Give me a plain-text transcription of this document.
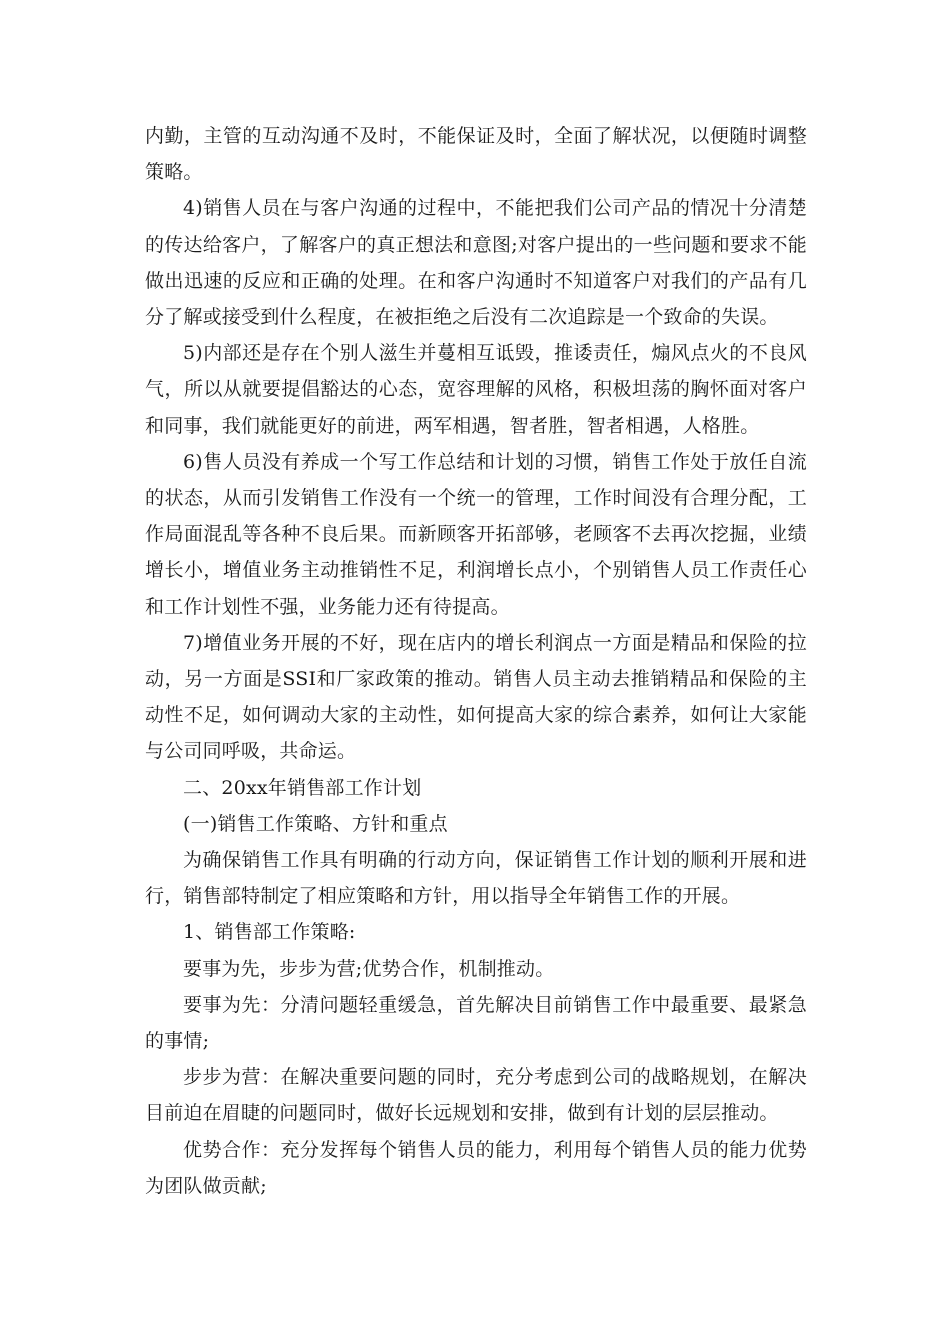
内勤，主管的互动沟通不及时，不能保证及时，全面了解状况，以便随时调整策略。

4)销售人员在与客户沟通的过程中，不能把我们公司产品的情况十分清楚的传达给客户，了解客户的真正想法和意图;对客户提出的一些问题和要求不能做出迅速的反应和正确的处理。在和客户沟通时不知道客户对我们的产品有几分了解或接受到什么程度，在被拒绝之后没有二次追踪是一个致命的失误。

5)内部还是存在个别人滋生并蔓相互诋毁，推诿责任，煽风点火的不良风气，所以从就要提倡豁达的心态，宽容理解的风格，积极坦荡的胸怀面对客户和同事，我们就能更好的前进，两军相遇，智者胜，智者相遇，人格胜。

6)售人员没有养成一个写工作总结和计划的习惯，销售工作处于放任自流的状态，从而引发销售工作没有一个统一的管理，工作时间没有合理分配，工作局面混乱等各种不良后果。而新顾客开拓部够，老顾客不去再次挖掘，业绩增长小，增值业务主动推销性不足，利润增长点小，个别销售人员工作责任心和工作计划性不强，业务能力还有待提高。

7)增值业务开展的不好，现在店内的增长利润点一方面是精品和保险的拉动，另一方面是SSI和厂家政策的推动。销售人员主动去推销精品和保险的主动性不足，如何调动大家的主动性，如何提高大家的综合素养，如何让大家能与公司同呼吸，共命运。

二、20xx年销售部工作计划

(一)销售工作策略、方针和重点

为确保销售工作具有明确的行动方向，保证销售工作计划的顺利开展和进行，销售部特制定了相应策略和方针，用以指导全年销售工作的开展。

1、销售部工作策略:

要事为先，步步为营;优势合作，机制推动。

要事为先：分清问题轻重缓急，首先解决目前销售工作中最重要、最紧急的事情;

步步为营：在解决重要问题的同时，充分考虑到公司的战略规划，在解决目前迫在眉睫的问题同时，做好长远规划和安排，做到有计划的层层推动。

优势合作：充分发挥每个销售人员的能力，利用每个销售人员的能力优势为团队做贡献;
